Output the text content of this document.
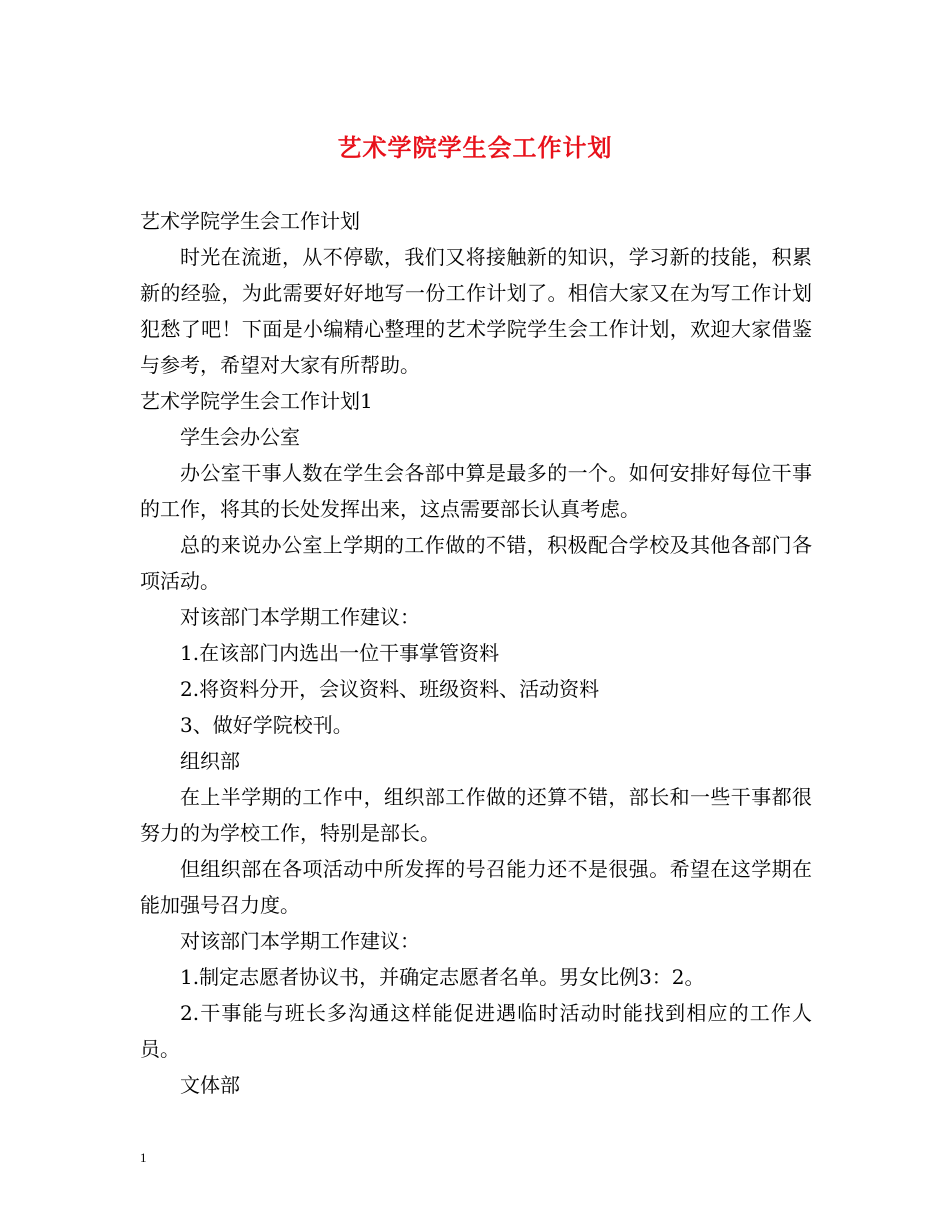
艺术学院学生会工作计划

艺术学院学生会工作计划

时光在流逝，从不停歇，我们又将接触新的知识，学习新的技能，积累新的经验，为此需要好好地写一份工作计划了。相信大家又在为写工作计划犯愁了吧！下面是小编精心整理的艺术学院学生会工作计划，欢迎大家借鉴与参考，希望对大家有所帮助。

艺术学院学生会工作计划1

学生会办公室

办公室干事人数在学生会各部中算是最多的一个。如何安排好每位干事的工作，将其的长处发挥出来，这点需要部长认真考虑。

总的来说办公室上学期的工作做的不错，积极配合学校及其他各部门各项活动。

对该部门本学期工作建议：

1.在该部门内选出一位干事掌管资料

2.将资料分开，会议资料、班级资料、活动资料

3、做好学院校刊。

组织部

在上半学期的工作中，组织部工作做的还算不错，部长和一些干事都很努力的为学校工作，特别是部长。

但组织部在各项活动中所发挥的号召能力还不是很强。希望在这学期在能加强号召力度。

对该部门本学期工作建议：

1.制定志愿者协议书，并确定志愿者名单。男女比例3：2。

2.干事能与班长多沟通这样能促进遇临时活动时能找到相应的工作人员。

文体部

1
